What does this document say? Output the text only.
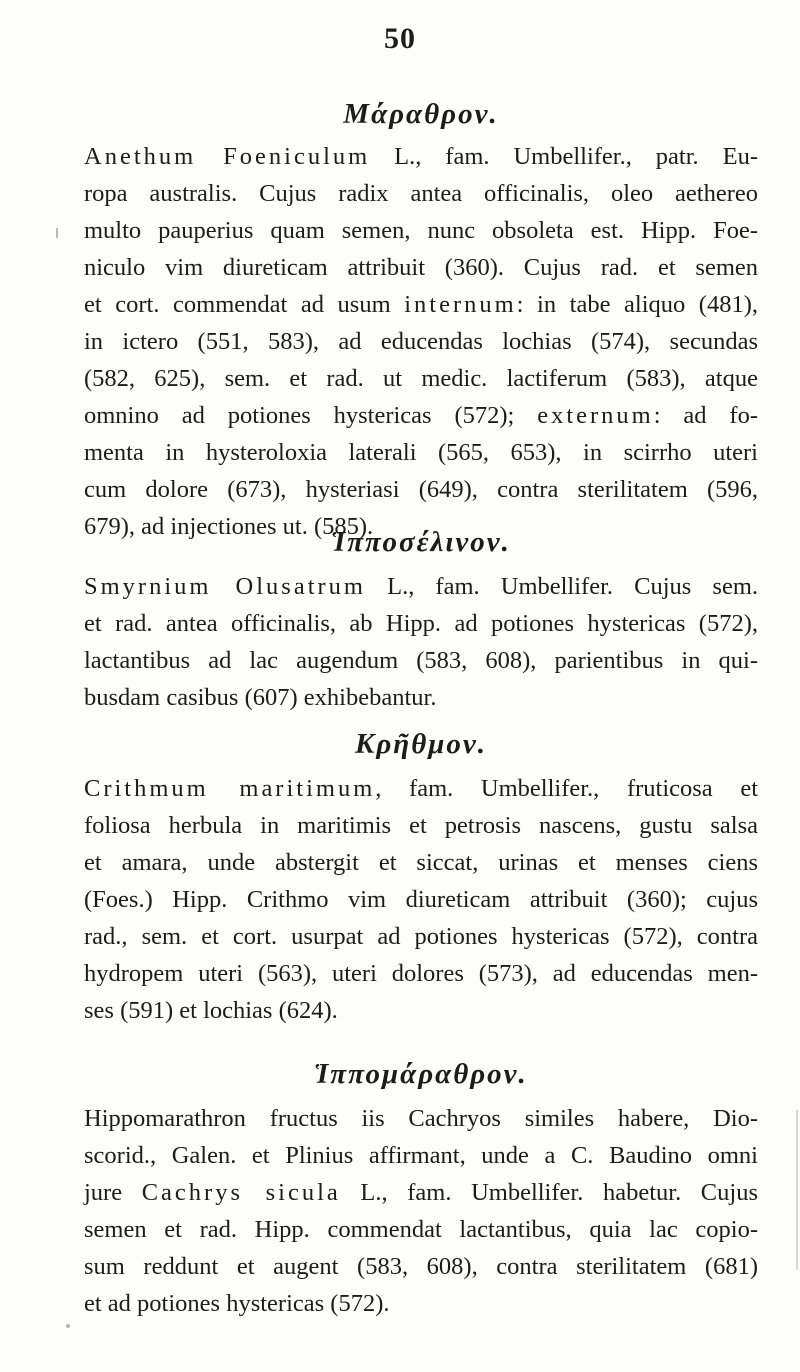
50
Μάραθρον.
Anethum Foeniculum L., fam. Umbellifer., patr. Eu-
ropa australis. Cujus radix antea officinalis, oleo aethereo
multo pauperius quam semen, nunc obsoleta est. Hipp. Foe-
niculo vim diureticam attribuit (360). Cujus rad. et semen
et cort. commendat ad usum internum: in tabe aliquo (481),
in ictero (551, 583), ad educendas lochias (574), secundas
(582, 625), sem. et rad. ut medic. lactiferum (583), atque
omnino ad potiones hystericas (572); externum: ad fo-
menta in hysteroloxia laterali (565, 653), in scirrho uteri
cum dolore (673), hysteriasi (649), contra sterilitatem (596,
679), ad injectiones ut. (585).
Ἱπποσέλινον.
Smyrnium Olusatrum L., fam. Umbellifer. Cujus sem.
et rad. antea officinalis, ab Hipp. ad potiones hystericas (572),
lactantibus ad lac augendum (583, 608), parientibus in qui-
busdam casibus (607) exhibebantur.
Κρῆθμον.
Crithmum maritimum, fam. Umbellifer., fruticosa et
foliosa herbula in maritimis et petrosis nascens, gustu salsa
et amara, unde abstergit et siccat, urinas et menses ciens
(Foes.) Hipp. Crithmo vim diureticam attribuit (360); cujus
rad., sem. et cort. usurpat ad potiones hystericas (572), contra
hydropem uteri (563), uteri dolores (573), ad educendas men-
ses (591) et lochias (624).
Ἱππομάραθρον.
Hippomarathron fructus iis Cachryos similes habere, Dio-
scorid., Galen. et Plinius affirmant, unde a C. Baudino omni
jure Cachrys sicula L., fam. Umbellifer. habetur. Cujus
semen et rad. Hipp. commendat lactantibus, quia lac copio-
sum reddunt et augent (583, 608), contra sterilitatem (681)
et ad potiones hystericas (572).
